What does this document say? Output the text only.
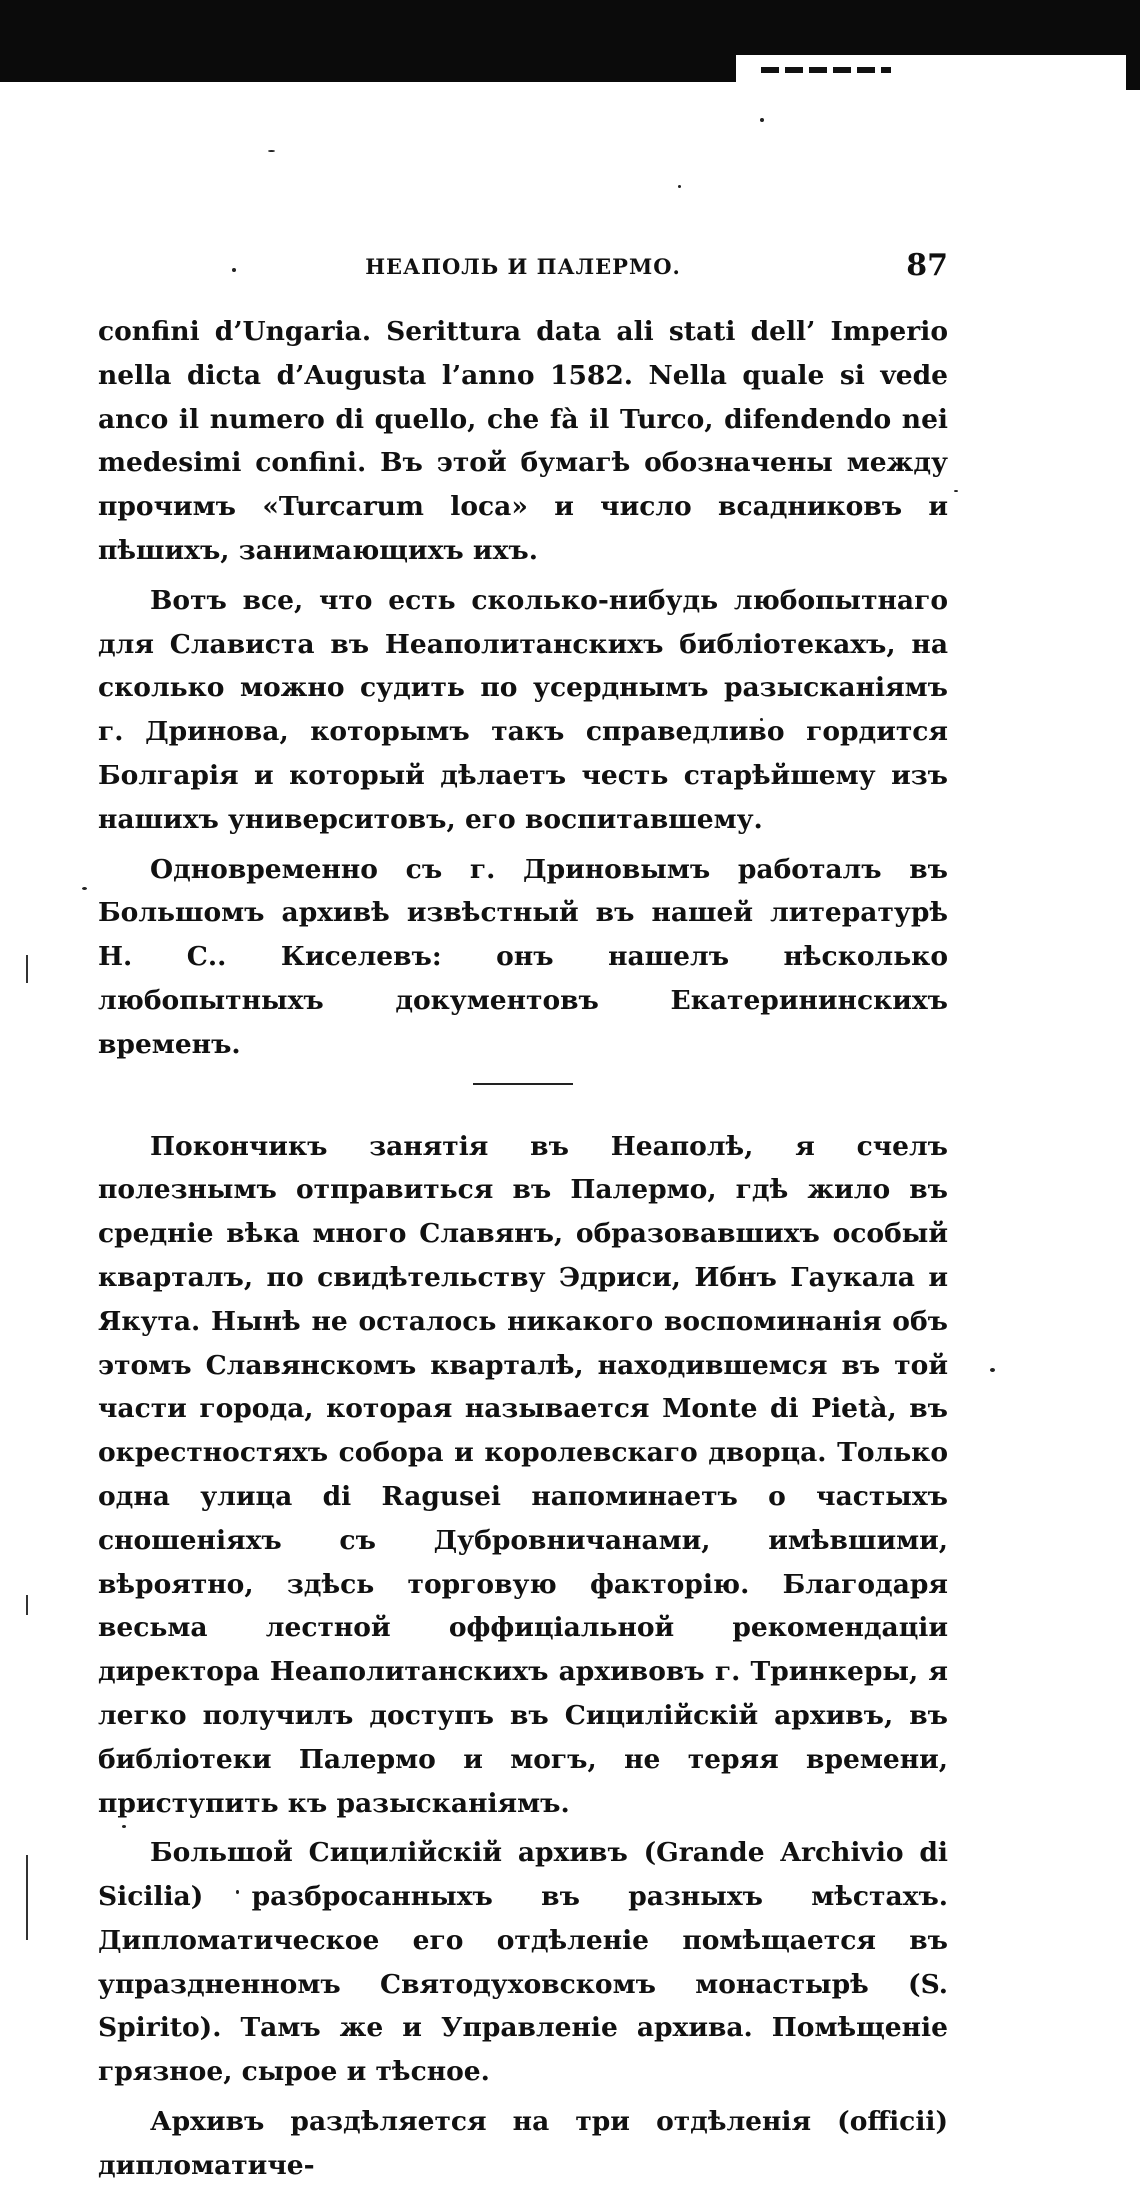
НЕАПОЛЬ И ПАЛЕРМО.	87

confini d’Ungaria. Serittura data ali stati dell’ Imperio nella dicta d’Augusta l’anno 1582. Nella quale si vede anco il numero di quello, che fà il Turco, difendendo nei medesimi confini. Въ этой бумагѣ обозначены между прочимъ «Turcarum loca» и число всадниковъ и пѣшихъ, занимающихъ ихъ.

Вотъ все, что есть сколько-нибудь любопытнаго для Слависта въ Неаполитанскихъ библіотекахъ, на сколько можно судить по усерднымъ разысканіямъ г. Дринова, которымъ такъ справедливо гордится Болгарія и который дѣлаетъ честь старѣйшему изъ нашихъ университовъ, его воспитавшему.

Одновременно съ г. Дриновымъ работалъ въ Большомъ архивѣ извѣстный въ нашей литературѣ Н. С.. Киселевъ: онъ нашелъ нѣсколько любопытныхъ документовъ Екатерининскихъ временъ.

Покончикъ занятія въ Неаполѣ, я счелъ полезнымъ отправиться въ Палермо, гдѣ жило въ средніе вѣка много Славянъ, образовавшихъ особый кварталъ, по свидѣтельству Эдриси, Ибнъ Гаукала и Якута. Нынѣ не осталось никакого воспоминанія объ этомъ Славянскомъ кварталѣ, находившемся въ той части города, которая называется Monte di Pietà, въ окрестностяхъ собора и королевскаго дворца. Только одна улица di Ragusei напоминаетъ о частыхъ сношеніяхъ съ Дубровничанами, имѣвшими, вѣроятно, здѣсь торговую факторію. Благодаря весьма лестной оффиціальной рекомендаціи директора Неаполитанскихъ архивовъ г. Тринкеры, я легко получилъ доступъ въ Сицилійскій архивъ, въ библіотеки Палермо и могъ, не теряя времени, приступить къ разысканіямъ.

Большой Сицилійскій архивъ (Grande Archivio di Sicilia) разбросанныхъ въ разныхъ мѣстахъ. Дипломатическое его отдѣленіе помѣщается въ упраздненномъ Святодуховскомъ монастырѣ (S. Spirito). Тамъ же и Управленіе архива. Помѣщеніе грязное, сырое и тѣсное.

Архивъ раздѣляется на три отдѣленія (officii) дипломатиче-
